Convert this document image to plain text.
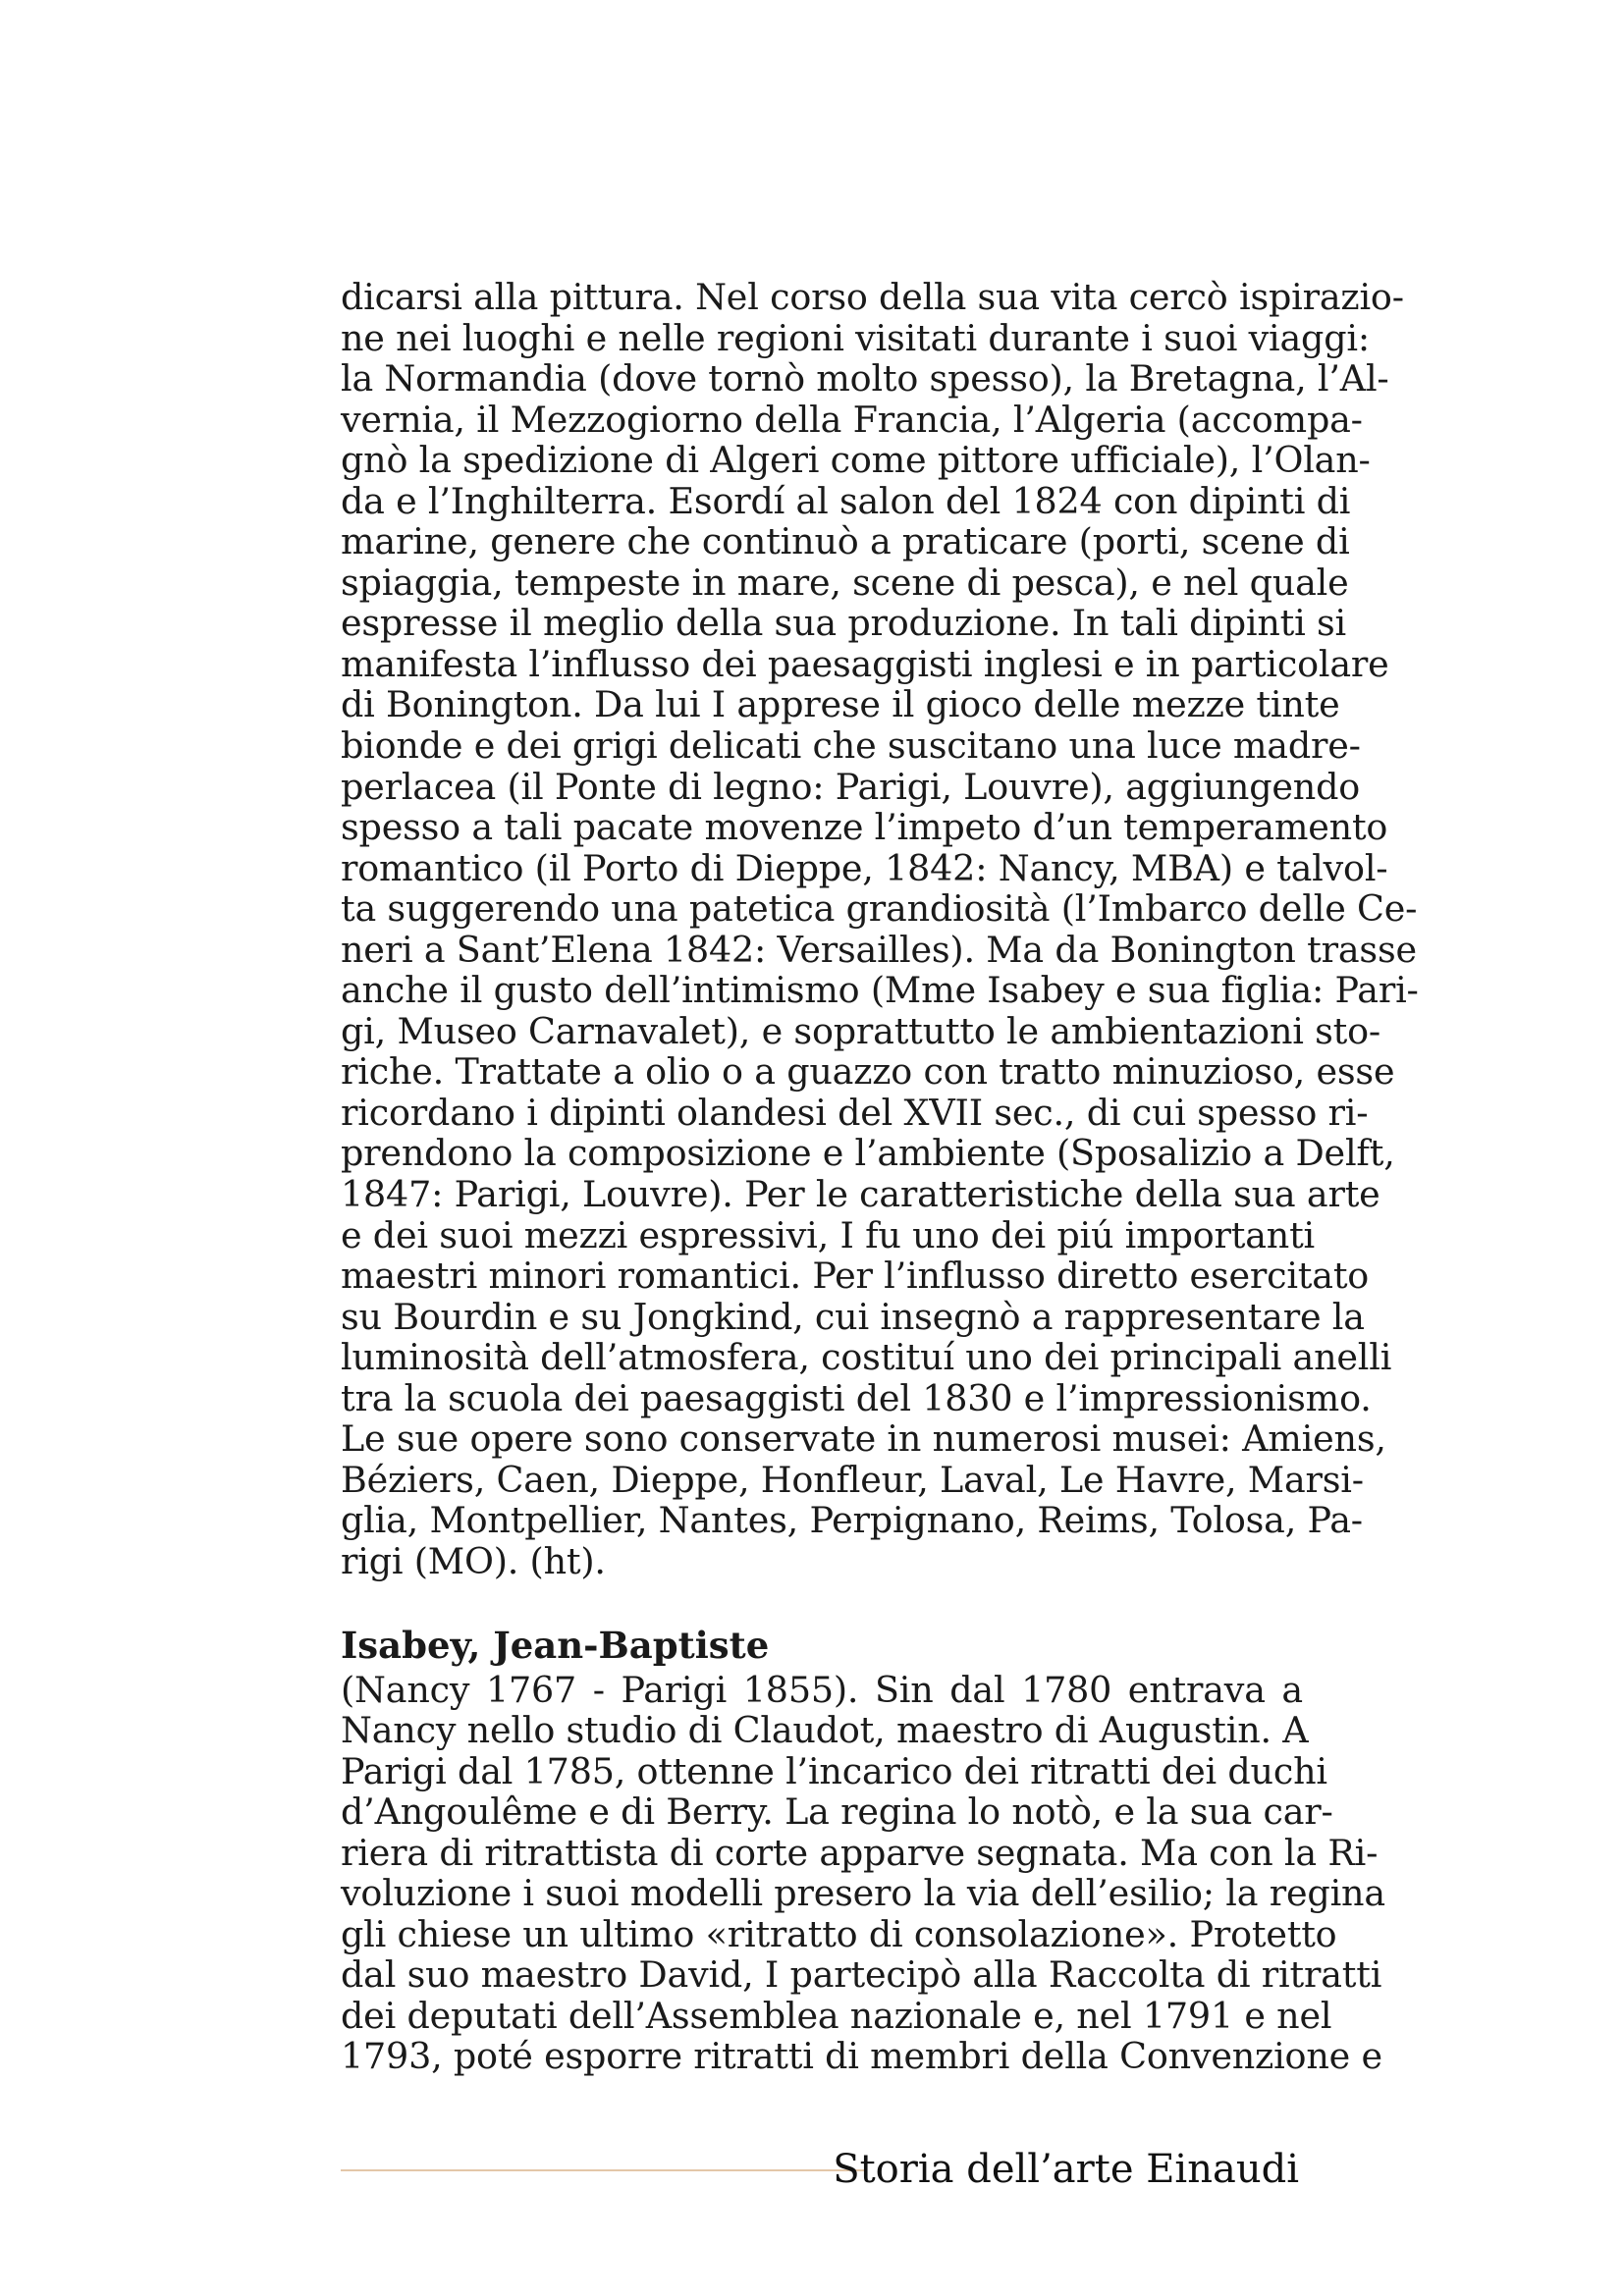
dicarsi alla pittura. Nel corso della sua vita cercò ispirazio-
ne nei luoghi e nelle regioni visitati durante i suoi viaggi:
la Normandia (dove tornò molto spesso), la Bretagna, l’Al-
vernia, il Mezzogiorno della Francia, l’Algeria (accompa-
gnò la spedizione di Algeri come pittore ufficiale), l’Olan-
da e l’Inghilterra. Esordí al salon del 1824 con dipinti di
marine, genere che continuò a praticare (porti, scene di
spiaggia, tempeste in mare, scene di pesca), e nel quale
espresse il meglio della sua produzione. In tali dipinti si
manifesta l’influsso dei paesaggisti inglesi e in particolare
di Bonington. Da lui I apprese il gioco delle mezze tinte
bionde e dei grigi delicati che suscitano una luce madre-
perlacea (il Ponte di legno: Parigi, Louvre), aggiungendo
spesso a tali pacate movenze l’impeto d’un temperamento
romantico (il Porto di Dieppe, 1842: Nancy, MBA) e talvol-
ta suggerendo una patetica grandiosità (l’Imbarco delle Ce-
neri a Sant’Elena 1842: Versailles). Ma da Bonington trasse
anche il gusto dell’intimismo (Mme Isabey e sua figlia: Pari-
gi, Museo Carnavalet), e soprattutto le ambientazioni sto-
riche. Trattate a olio o a guazzo con tratto minuzioso, esse
ricordano i dipinti olandesi del XVII sec., di cui spesso ri-
prendono la composizione e l’ambiente (Sposalizio a Delft,
1847: Parigi, Louvre). Per le caratteristiche della sua arte
e dei suoi mezzi espressivi, I fu uno dei piú importanti
maestri minori romantici. Per l’influsso diretto esercitato
su Bourdin e su Jongkind, cui insegnò a rappresentare la
luminosità dell’atmosfera, costituí uno dei principali anelli
tra la scuola dei paesaggisti del 1830 e l’impressionismo.
Le sue opere sono conservate in numerosi musei: Amiens,
Béziers, Caen, Dieppe, Honfleur, Laval, Le Havre, Marsi-
glia, Montpellier, Nantes, Perpignano, Reims, Tolosa, Pa-
rigi (MO). (ht).
Isabey, Jean-Baptiste
(Nancy 1767 - Parigi 1855). Sin dal 1780 entrava a
Nancy nello studio di Claudot, maestro di Augustin. A
Parigi dal 1785, ottenne l’incarico dei ritratti dei duchi
d’Angoulême e di Berry. La regina lo notò, e la sua car-
riera di ritrattista di corte apparve segnata. Ma con la Ri-
voluzione i suoi modelli presero la via dell’esilio; la regina
gli chiese un ultimo «ritratto di consolazione». Protetto
dal suo maestro David, I partecipò alla Raccolta di ritratti
dei deputati dell’Assemblea nazionale e, nel 1791 e nel
1793, poté esporre ritratti di membri della Convenzione e
Storia dell’arte Einaudi
